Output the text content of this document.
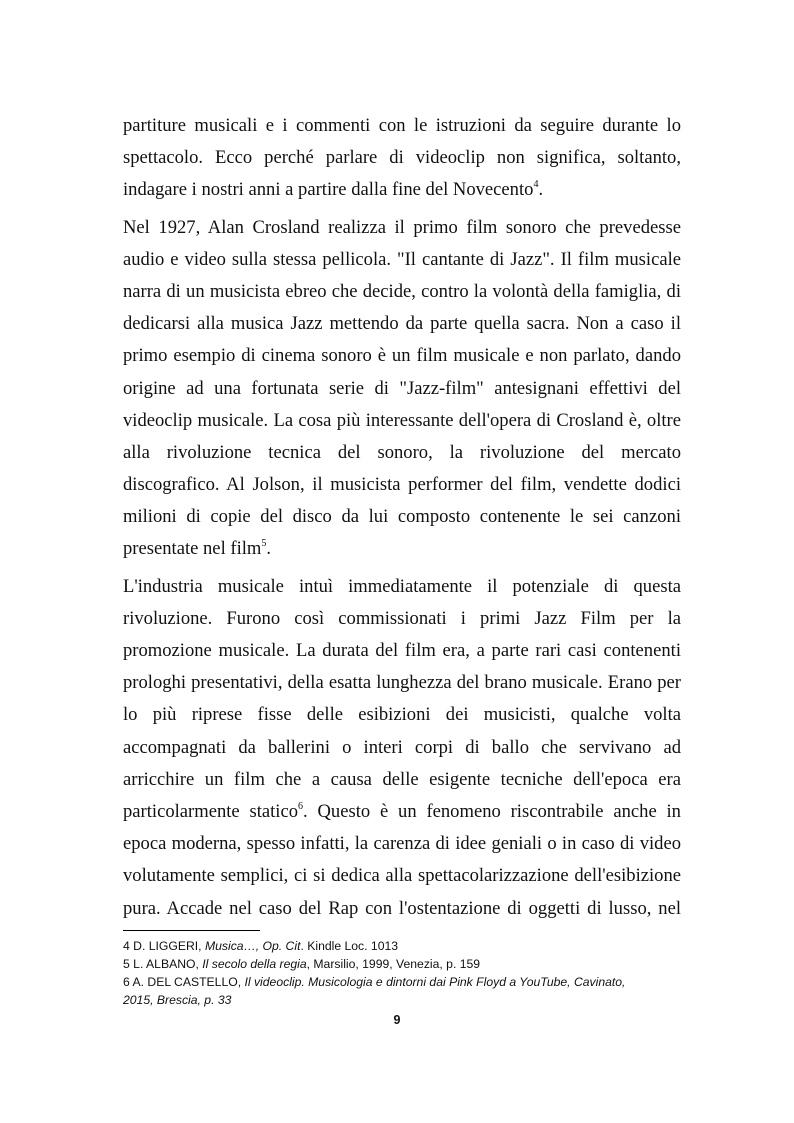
partiture musicali e i commenti con le istruzioni da seguire durante lo
spettacolo. Ecco perché parlare di videoclip non significa, soltanto,
indagare i nostri anni a partire dalla fine del Novecento$^4$.
Nel 1927, Alan Crosland realizza il primo film sonoro che prevedesse
audio e video sulla stessa pellicola. "Il cantante di Jazz". Il film musicale
narra di un musicista ebreo che decide, contro la volontà della famiglia, di
dedicarsi alla musica Jazz mettendo da parte quella sacra. Non a caso il
primo esempio di cinema sonoro è un film musicale e non parlato, dando
origine ad una fortunata serie di "Jazz-film" antesignani effettivi del
videoclip musicale. La cosa più interessante dell'opera di Crosland è, oltre
alla rivoluzione tecnica del sonoro, la rivoluzione del mercato
discografico. Al Jolson, il musicista performer del film, vendette dodici
milioni di copie del disco da lui composto contenente le sei canzoni
presentate nel film$^5$.
L'industria musicale intuì immediatamente il potenziale di questa
rivoluzione. Furono così commissionati i primi Jazz Film per la
promozione musicale. La durata del film era, a parte rari casi contenenti
prologhi presentativi, della esatta lunghezza del brano musicale. Erano per
lo più riprese fisse delle esibizioni dei musicisti, qualche volta
accompagnati da ballerini o interi corpi di ballo che servivano ad
arricchire un film che a causa delle esigente tecniche dell'epoca era
particolarmente statico$^6$. Questo è un fenomeno riscontrabile anche in
epoca moderna, spesso infatti, la carenza di idee geniali o in caso di video
volutamente semplici, ci si dedica alla spettacolarizzazione dell'esibizione
pura. Accade nel caso del Rap con l'ostentazione di oggetti di lusso, nel
4 D. LIGGERI, Musica…, Op. Cit. Kindle Loc. 1013
5 L. ALBANO, Il secolo della regia, Marsilio, 1999, Venezia, p. 159
6 A. DEL CASTELLO, Il videoclip. Musicologia e dintorni dai Pink Floyd a YouTube, Cavinato,
2015, Brescia, p. 33
9
